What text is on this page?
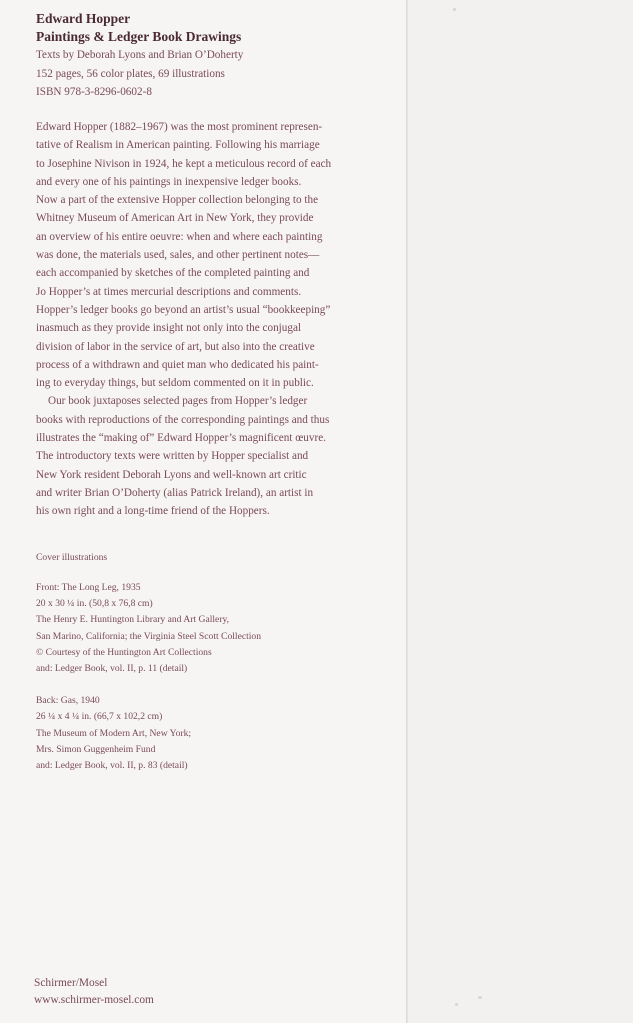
Edward Hopper
Paintings & Ledger Book Drawings
Texts by Deborah Lyons and Brian O’Doherty
152 pages, 56 color plates, 69 illustrations
ISBN 978-3-8296-0602-8

Edward Hopper (1882–1967) was the most prominent represen-
tative of Realism in American painting. Following his marriage
to Josephine Nivison in 1924, he kept a meticulous record of each
and every one of his paintings in inexpensive ledger books.
Now a part of the extensive Hopper collection belonging to the
Whitney Museum of American Art in New York, they provide
an overview of his entire oeuvre: when and where each painting
was done, the materials used, sales, and other pertinent notes—
each accompanied by sketches of the completed painting and
Jo Hopper’s at times mercurial descriptions and comments.
Hopper’s ledger books go beyond an artist’s usual “bookkeeping”
inasmuch as they provide insight not only into the conjugal
division of labor in the service of art, but also into the creative
process of a withdrawn and quiet man who dedicated his paint-
ing to everyday things, but seldom commented on it in public.

Our book juxtaposes selected pages from Hopper’s ledger
books with reproductions of the corresponding paintings and thus
illustrates the “making of” Edward Hopper’s magnificent œuvre.
The introductory texts were written by Hopper specialist and
New York resident Deborah Lyons and well-known art critic
and writer Brian O’Doherty (alias Patrick Ireland), an artist in
his own right and a long-time friend of the Hoppers.

Cover illustrations
Front: The Long Leg, 1935
20 x 30 ¼ in. (50,8 x 76,8 cm)
The Henry E. Huntington Library and Art Gallery,
San Marino, California; the Virginia Steel Scott Collection
© Courtesy of the Huntington Art Collections
and: Ledger Book, vol. II, p. 11 (detail)
Back: Gas, 1940
26 ¼ x 4 ¼ in. (66,7 x 102,2 cm)
The Museum of Modern Art, New York;
Mrs. Simon Guggenheim Fund
and: Ledger Book, vol. II, p. 83 (detail)
Schirmer/Mosel
www.schirmer-mosel.com
